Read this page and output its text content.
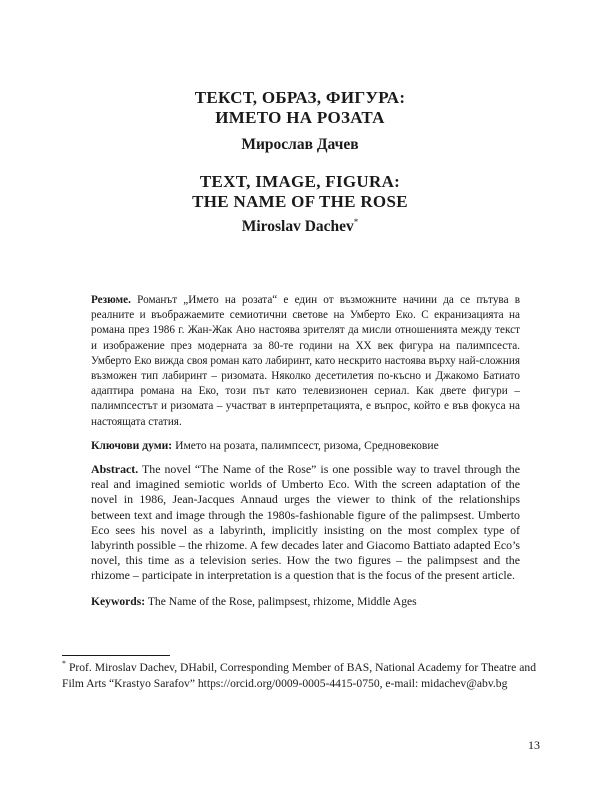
ТЕКСТ, ОБРАЗ, ФИГУРА:
ИМЕТО НА РОЗАТА
Мирослав Дачев
TEXT, IMAGE, FIGURA:
THE NAME OF THE ROSE
Miroslav Dachev*

Резюме. Романът „Името на розата“ е един от възможните начини да се пътува в реалните и въображаемите семиотични светове на Умберто Еко. С екранизацията на романа през 1986 г. Жан-Жак Ано настоява зрителят да мисли отношенията между текст и изображение през модерната за 80-те години на XX век фигура на палимпсеста. Умберто Еко вижда своя роман като лабиринт, като нескрито настоява върху най-сложния възможен тип лабиринт – ризомата. Няколко десетилетия по-късно и Джакомо Батиато адаптира романа на Еко, този път като телевизионен сериал. Как двете фигури – палимпсестът и ризомата – участват в интерпретацията, е въпрос, който е във фокуса на настоящата статия.

Ключови думи: Името на розата, палимпсест, ризома, Средновековие

Abstract. The novel “The Name of the Rose” is one possible way to travel through the real and imagined semiotic worlds of Umberto Eco. With the screen adaptation of the novel in 1986, Jean-Jacques Annaud urges the viewer to think of the relationships between text and image through the 1980s-fashionable figure of the palimpsest. Umberto Eco sees his novel as a labyrinth, implicitly insisting on the most complex type of labyrinth possible – the rhizome. A few decades later and Giacomo Battiato adapted Eco’s novel, this time as a television series. How the two figures – the palimpsest and the rhizome – participate in interpretation is a question that is the focus of the present article.

Keywords: The Name of the Rose, palimpsest, rhizome, Middle Ages

* Prof. Miroslav Dachev, DHabil, Corresponding Member of BAS, National Academy for Theatre and Film Arts “Krastyo Sarafov” https://orcid.org/0009-0005-4415-0750, e-mail: midachev@abv.bg

13
